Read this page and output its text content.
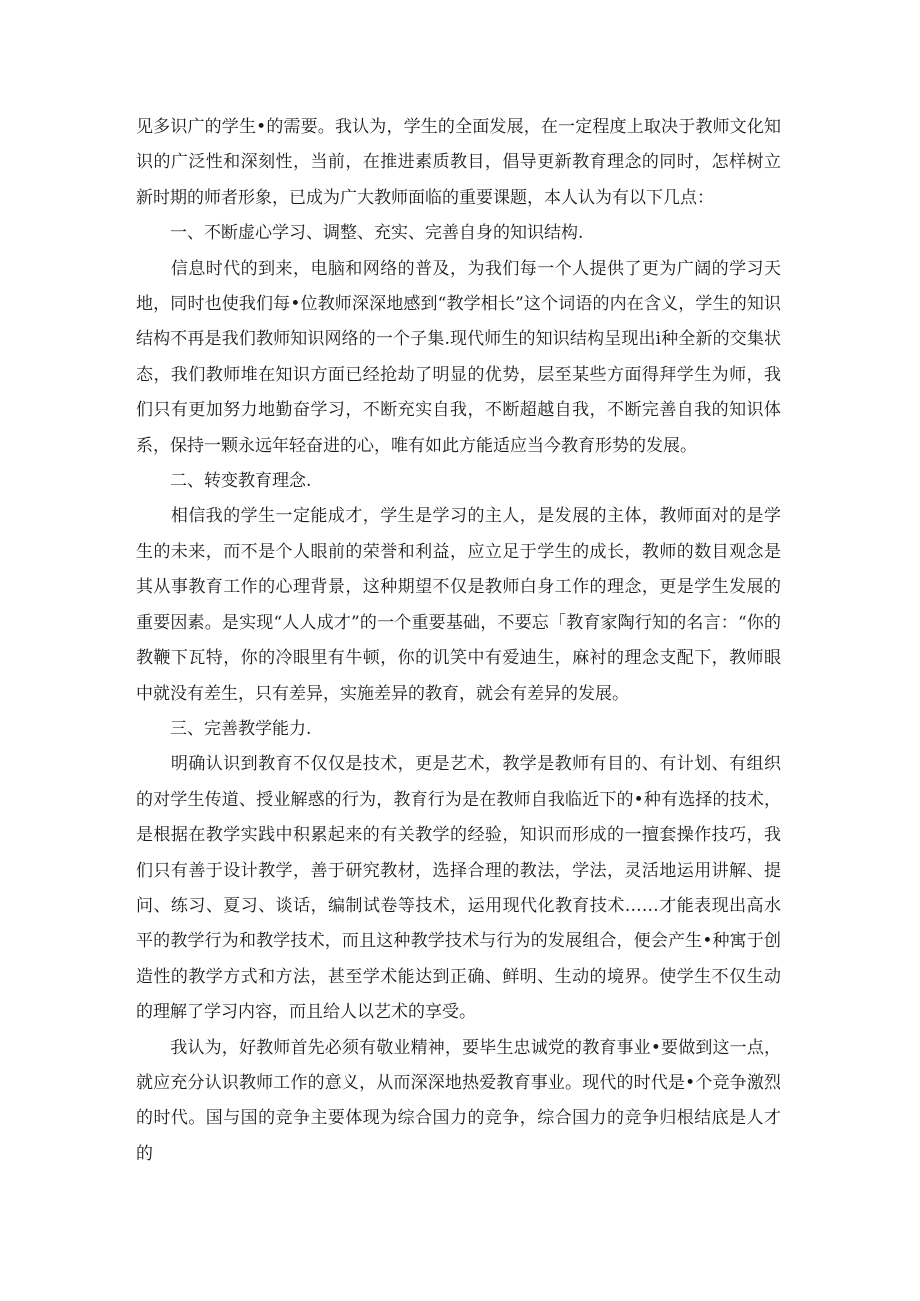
见多识广的学生•的需要。我认为，学生的全面发展，在一定程度上取决于教师文化知识的广泛性和深刻性，当前，在推进素质教目，倡导更新教育理念的同时，怎样树立新时期的师者形象，已成为广大教师面临的重要课题，本人认为有以下几点：

　　一、不断虚心学习、调整、充实、完善自身的知识结构.

　　信息时代的到来，电脑和网络的普及，为我们每一个人提供了更为广阔的学习天地，同时也使我们每•位教师深深地感到“教学相长”这个词语的内在含义，学生的知识结构不再是我们教师知识网络的一个子集.现代师生的知识结构呈现出i种全新的交集状态，我们教师堆在知识方面已经抢劫了明显的优势，层至某些方面得拜学生为师，我们只有更加努力地勤奋学习，不断充实自我，不断超越自我，不断完善自我的知识体系，保持一颗永远年轻奋进的心，唯有如此方能适应当今教育形势的发展。

　　二、转变教育理念.

　　相信我的学生一定能成才，学生是学习的主人，是发展的主体，教师面对的是学生的未来，而不是个人眼前的荣誉和利益，应立足于学生的成长，教师的数目观念是其从事教育工作的心理背景，这种期望不仅是教师白身工作的理念，更是学生发展的重要因素。是实现“人人成才”的一个重要基础，不要忘「教育家陶行知的名言：“你的教鞭下瓦特，你的冷眼里有牛顿，你的讥笑中有爱迪生，麻衬的理念支配下，教师眼中就没有差生，只有差异，实施差异的教育，就会有差异的发展。

　　三、完善教学能力.

　　明确认识到教育不仅仅是技术，更是艺术，教学是教师有目的、有计划、有组织的对学生传道、授业解惑的行为，教育行为是在教师自我临近下的•种有选择的技术，是根据在教学实践中积累起来的有关教学的经验，知识而形成的一擅套操作技巧，我们只有善于设计教学，善于研究教材，选择合理的教法，学法，灵活地运用讲解、提问、练习、夏习、谈话，编制试卷等技术，运用现代化教育技术……才能表现出高水平的教学行为和教学技术，而且这种教学技术与行为的发展组合，便会产生•种寓于创造性的教学方式和方法，甚至学术能达到正确、鲜明、生动的境界。使学生不仅生动的理解了学习内容，而且给人以艺术的享受。

　　我认为，好教师首先必须有敬业精神，要毕生忠诚党的教育事业•要做到这一点，就应充分认识教师工作的意义，从而深深地热爱教育事业。现代的时代是•个竞争激烈的时代。国与国的竞争主要体现为综合国力的竞争，综合国力的竞争归根结底是人才的
